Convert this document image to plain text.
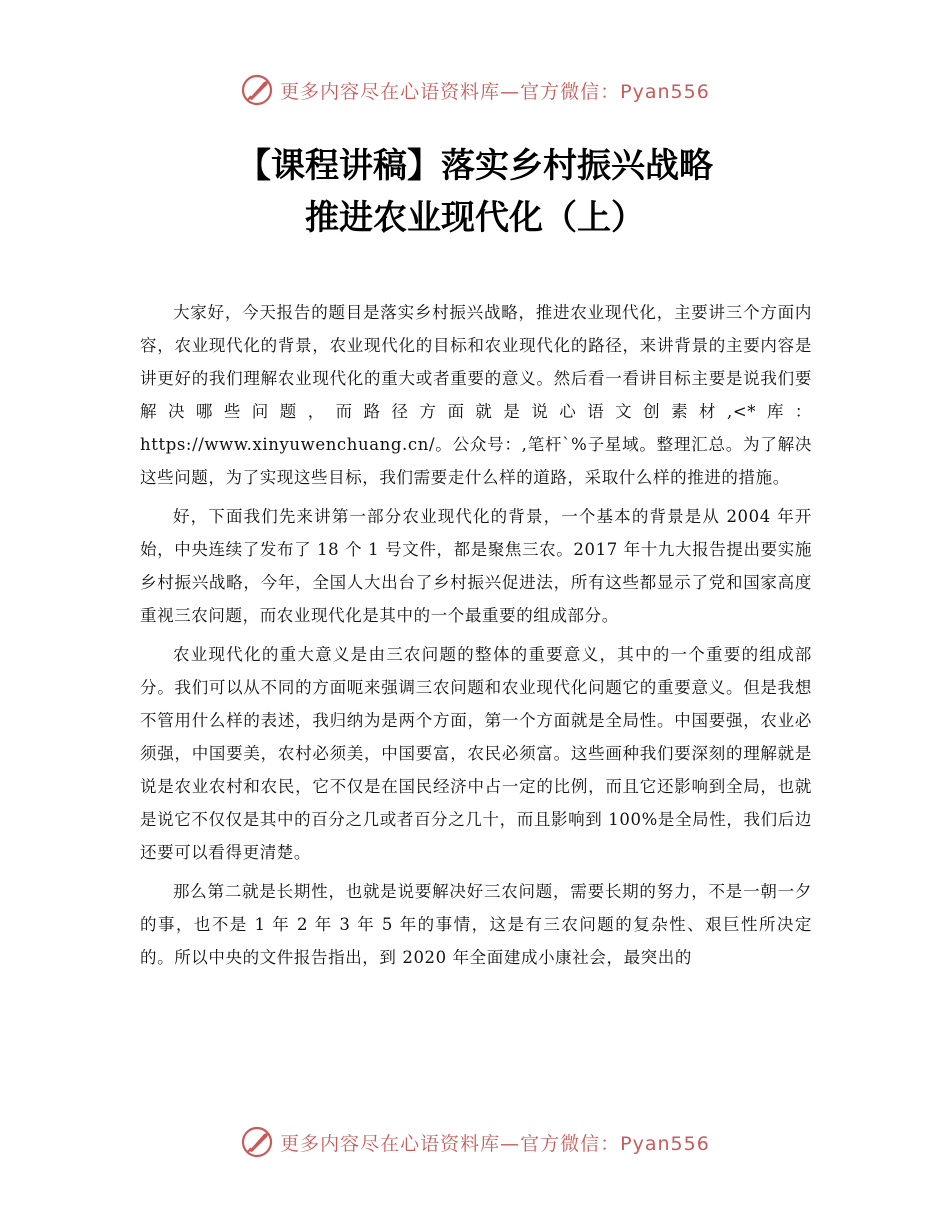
更多内容尽在心语资料库—官方微信：Pyan556
【课程讲稿】落实乡村振兴战略
推进农业现代化（上）

大家好，今天报告的题目是落实乡村振兴战略，推进农业现代化，主要讲三个方面内容，农业现代化的背景，农业现代化的目标和农业现代化的路径，来讲背景的主要内容是讲更好的我们理解农业现代化的重大或者重要的意义。然后看一看讲目标主要是说我们要解决哪些问题，而路径方面就是说心语文创素材,<*库：https://www.xinyuwenchuang.cn/。公众号：,笔杆`%子星域。整理汇总。为了解决这些问题，为了实现这些目标，我们需要走什么样的道路，采取什么样的推进的措施。

好，下面我们先来讲第一部分农业现代化的背景，一个基本的背景是从 2004 年开始，中央连续了发布了 18 个 1 号文件，都是聚焦三农。2017 年十九大报告提出要实施乡村振兴战略，今年，全国人大出台了乡村振兴促进法，所有这些都显示了党和国家高度重视三农问题，而农业现代化是其中的一个最重要的组成部分。

农业现代化的重大意义是由三农问题的整体的重要意义，其中的一个重要的组成部分。我们可以从不同的方面呃来强调三农问题和农业现代化问题它的重要意义。但是我想不管用什么样的表述，我归纳为是两个方面，第一个方面就是全局性。中国要强，农业必须强，中国要美，农村必须美，中国要富，农民必须富。这些画种我们要深刻的理解就是说是农业农村和农民，它不仅是在国民经济中占一定的比例，而且它还影响到全局，也就是说它不仅仅是其中的百分之几或者百分之几十，而且影响到 100%是全局性，我们后边还要可以看得更清楚。

那么第二就是长期性，也就是说要解决好三农问题，需要长期的努力，不是一朝一夕的事，也不是 1 年 2 年 3 年 5 年的事情，这是有三农问题的复杂性、艰巨性所决定的。所以中央的文件报告指出，到 2020 年全面建成小康社会，最突出的

更多内容尽在心语资料库—官方微信：Pyan556
